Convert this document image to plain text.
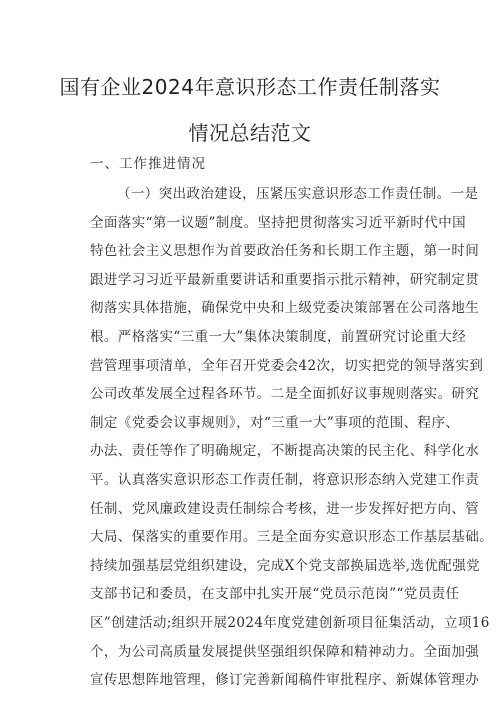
国有企业2024年意识形态工作责任制落实
情况总结范文
一、工作推进情况
（一）突出政治建设，压紧压实意识形态工作责任制。一是
全面落实“第一议题”制度。坚持把贯彻落实习近平新时代中国
特色社会主义思想作为首要政治任务和长期工作主题，第一时间
跟进学习习近平最新重要讲话和重要指示批示精神，研究制定贯
彻落实具体措施，确保党中央和上级党委决策部署在公司落地生
根。严格落实“三重一大”集体决策制度，前置研究讨论重大经
营管理事项清单，全年召开党委会42次，切实把党的领导落实到
公司改革发展全过程各环节。二是全面抓好议事规则落实。研究
制定《党委会议事规则》，对“三重一大”事项的范围、程序、
办法、责任等作了明确规定，不断提高决策的民主化、科学化水
平。认真落实意识形态工作责任制，将意识形态纳入党建工作责
任制、党风廉政建设责任制综合考核，进一步发挥好把方向、管
大局、保落实的重要作用。三是全面夯实意识形态工作基层基础。
持续加强基层党组织建设，完成X个党支部换届选举,选优配强党
支部书记和委员，在支部中扎实开展“党员示范岗”“党员责任
区”创建活动;组织开展2024年度党建创新项目征集活动，立项16
个，为公司高质量发展提供坚强组织保障和精神动力。全面加强
宣传思想阵地管理，修订完善新闻稿件审批程序、新媒体管理办
